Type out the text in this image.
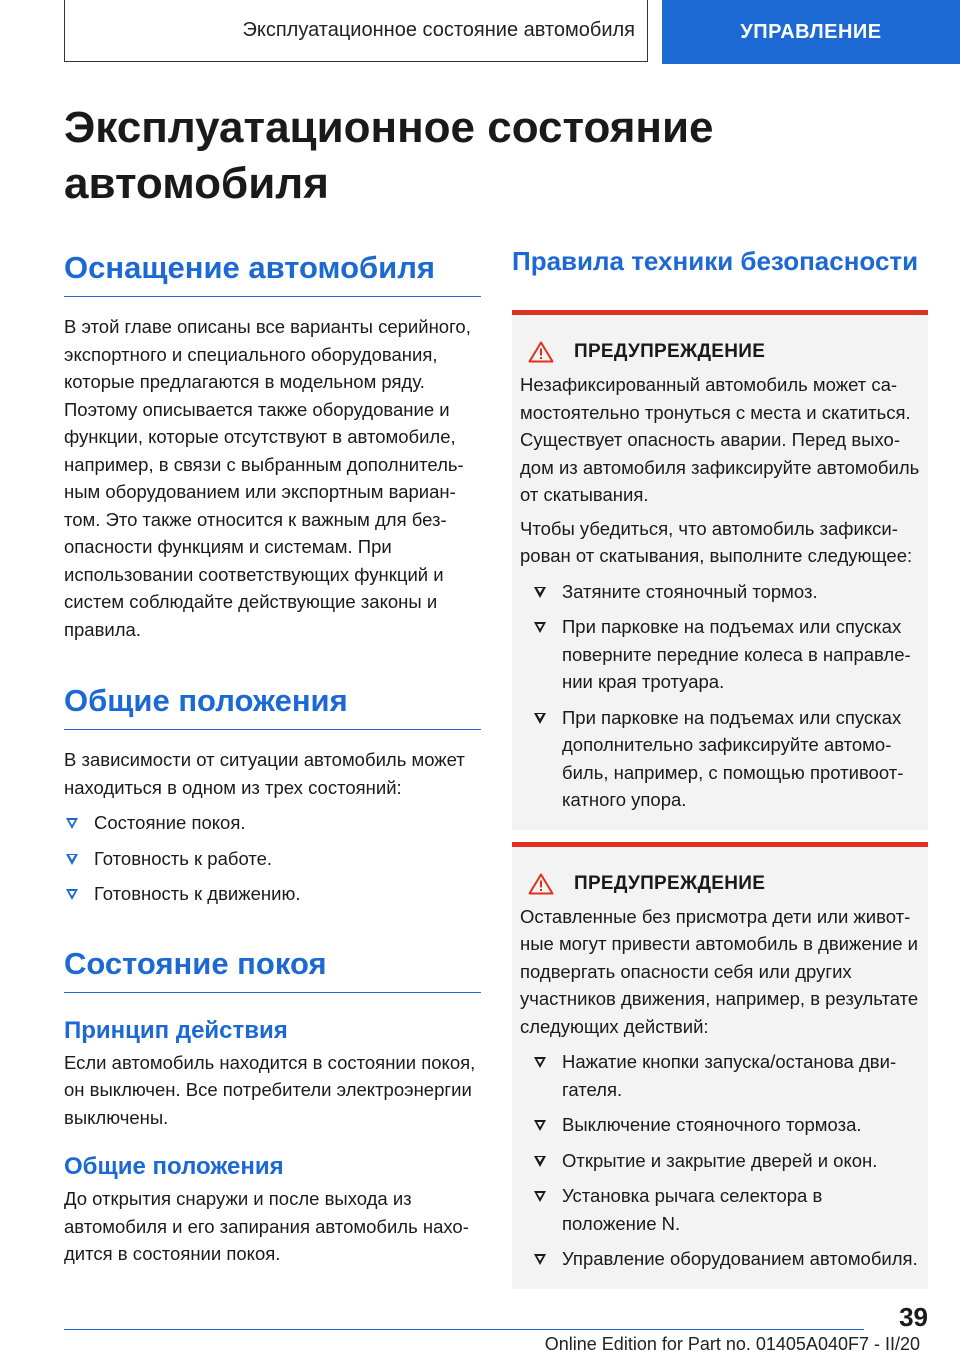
Эксплуатационное состояние автомобиля	УПРАВЛЕНИЕ
Эксплуатационное состояние автомобиля
Оснащение автомобиля

В этой главе описаны все варианты серийного, экспортного и специального оборудования, которые предлагаются в модельном ряду. Поэтому описывается также оборудование и функции, которые отсутствуют в автомобиле, например, в связи с выбранным дополнительным оборудованием или экспортным вариантом. Это также относится к важным для безопасности функциям и системам. При использовании соответствующих функций и систем соблюдайте действующие законы и правила.

Общие положения

В зависимости от ситуации автомобиль может находиться в одном из трех состояний:

Состояние покоя.
Готовность к работе.
Готовность к движению.
Состояние покоя
Принцип действия

Если автомобиль находится в состоянии покоя, он выключен. Все потребители электроэнергии выключены.

Общие положения

До открытия снаружи и после выхода из автомобиля и его запирания автомобиль находится в состоянии покоя.

Правила техники безопасности
ПРЕДУПРЕЖДЕНИЕ

Незафиксированный автомобиль может самостоятельно тронуться с места и скатиться. Существует опасность аварии. Перед выходом из автомобиля зафиксируйте автомобиль от скатывания.

Чтобы убедиться, что автомобиль зафиксирован от скатывания, выполните следующее:

Затяните стояночный тормоз.
При парковке на подъемах или спусках поверните передние колеса в направлении края тротуара.
При парковке на подъемах или спусках дополнительно зафиксируйте автомобиль, например, с помощью противооткатного упора.
ПРЕДУПРЕЖДЕНИЕ

Оставленные без присмотра дети или животные могут привести автомобиль в движение и подвергать опасности себя или других участников движения, например, в результате следующих действий:

Нажатие кнопки запуска/останова двигателя.
Выключение стояночного тормоза.
Открытие и закрытие дверей и окон.
Установка рычага селектора в положение N.
Управление оборудованием автомобиля.
39
Online Edition for Part no. 01405A040F7 - II/20
